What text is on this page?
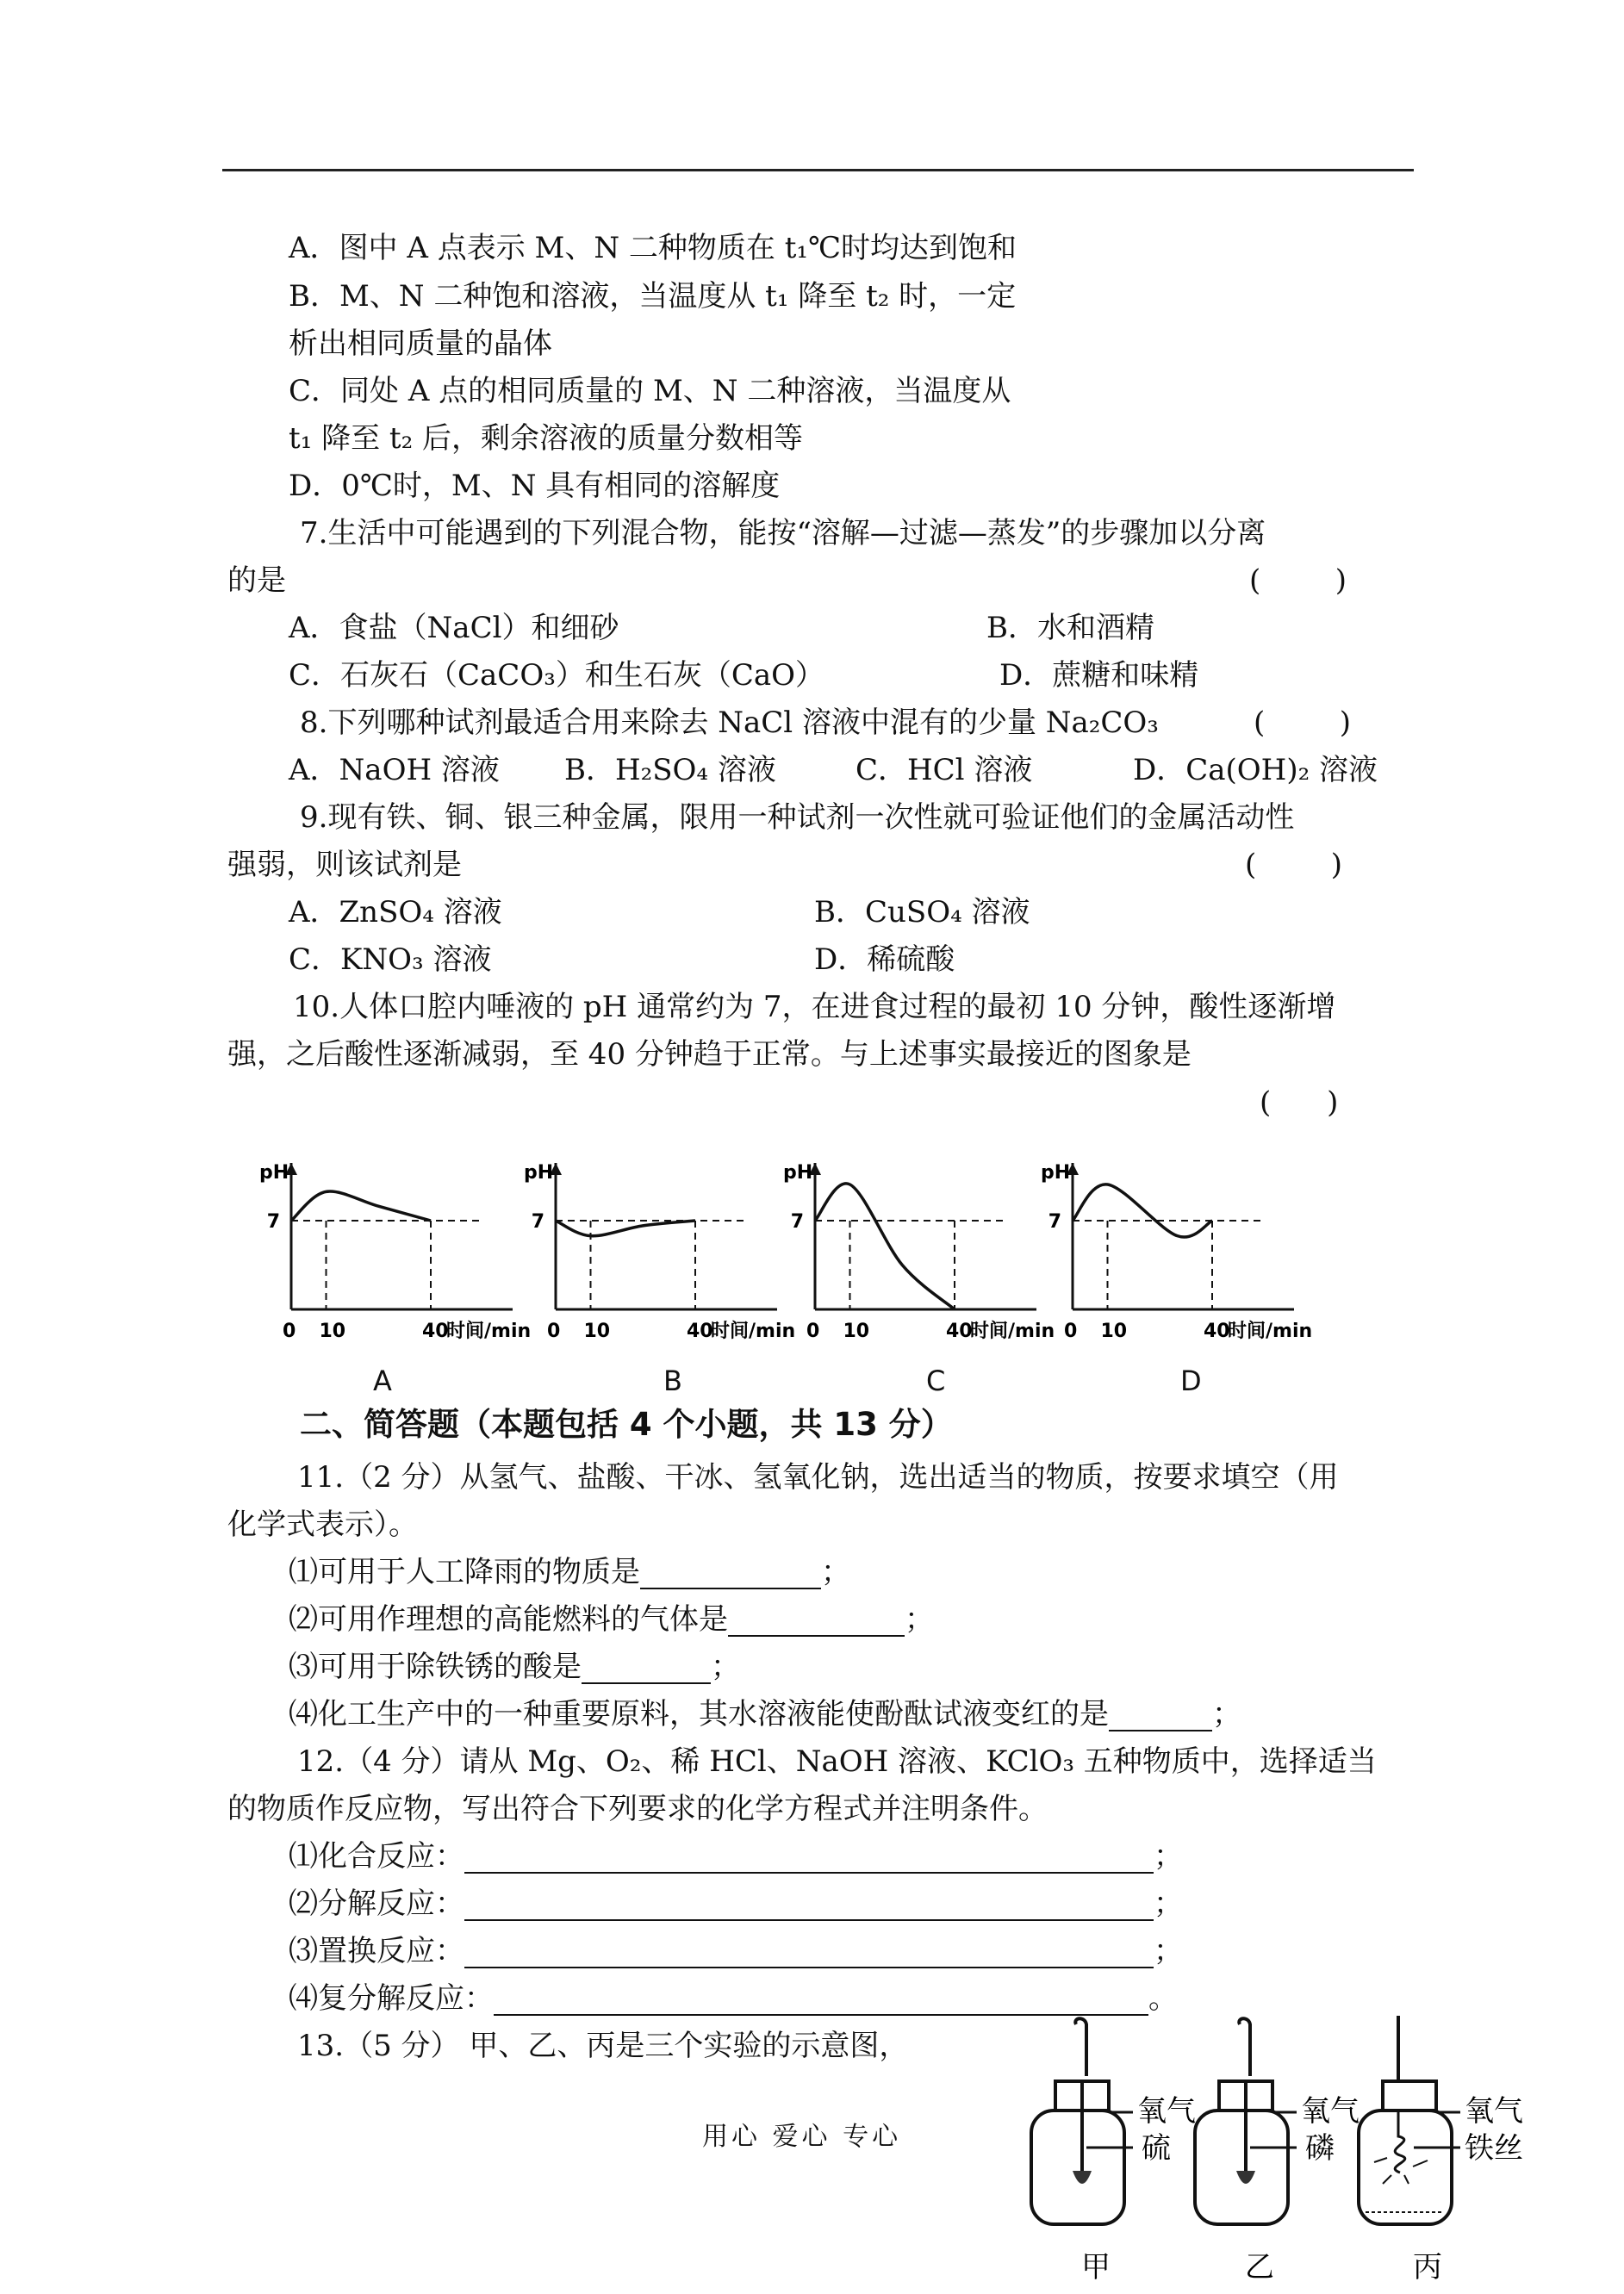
A．图中 A 点表示 M、N 二种物质在 t₁℃时均达到饱和
B．M、N 二种饱和溶液，当温度从 t₁ 降至 t₂ 时，一定
析出相同质量的晶体
C．同处 A 点的相同质量的 M、N 二种溶液，当温度从
t₁ 降至 t₂ 后，剩余溶液的质量分数相等
D．0℃时，M、N 具有相同的溶解度
7.生活中可能遇到的下列混合物，能按“溶解—过滤—蒸发”的步骤加以分离
的是	(        )
A．食盐（NaCl）和细砂	B．水和酒精
C．石灰石（CaCO₃）和生石灰（CaO）	D．蔗糖和味精
8.下列哪种试剂最适合用来除去 NaCl 溶液中混有的少量 Na₂CO₃	(        )
A．NaOH 溶液 B．H₂SO₄ 溶液	C．HCl 溶液	D．Ca(OH)₂ 溶液
9.现有铁、铜、银三种金属，限用一种试剂一次性就可验证他们的金属活动性
强弱，则该试剂是	(        )
A．ZnSO₄ 溶液	B．CuSO₄ 溶液
C．KNO₃ 溶液	D．稀硫酸
10.人体口腔内唾液的 pH 通常约为 7，在进食过程的最初 10 分钟，酸性逐渐增
强，之后酸性逐渐减弱，至 40 分钟趋于正常。与上述事实最接近的图象是
(      )
pH
7
0 10	40
时间/min
pH
7
0 10	40
时间/min
pH
7
0 10	40
时间/min
pH
7
0 10	40
时间/min
A	B	C	D
二、简答题（本题包括 4 个小题，共 13 分）
11.（2 分）从氢气、盐酸、干冰、氢氧化钠，选出适当的物质，按要求填空（用
化学式表示）。
⑴可用于人工降雨的物质是	；
⑵可用作理想的高能燃料的气体是	；
⑶可用于除铁锈的酸是	；
⑷化工生产中的一种重要原料，其水溶液能使酚酞试液变红的是	；
12.（4 分）请从 Mg、O₂、稀 HCl、NaOH 溶液、KClO₃ 五种物质中，选择适当
的物质作反应物，写出符合下列要求的化学方程式并注明条件。
⑴化合反应：	；
⑵分解反应：	；
⑶置换反应：	；
⑷复分解反应：	。
13.（5 分） 甲、乙、丙是三个实验的示意图，
氧气
硫
甲
氧气
磷
乙
氧气
铁丝
丙
用心 爱心 专心
